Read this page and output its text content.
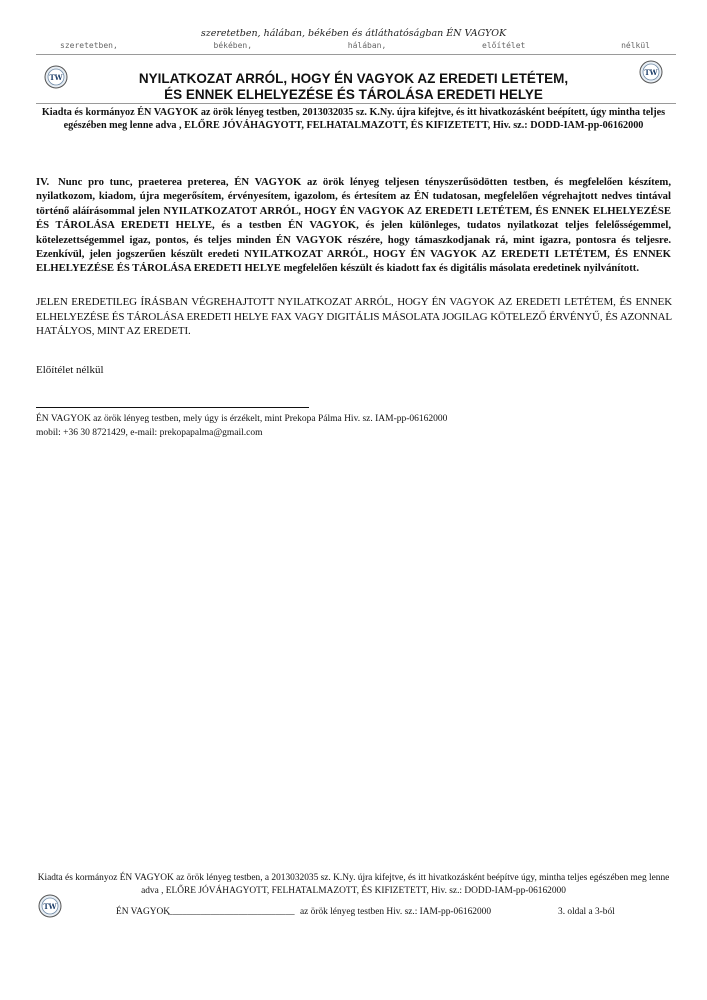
szeretetben, hálában, békében és átláthatóságban ÉN VAGYOK
szeretetben, békében, hálában, előítélet nélkül
TW
TW
NYILATKOZAT ARRÓL, HOGY ÉN VAGYOK AZ EREDETI LETÉTEM,
ÉS ENNEK ELHELYEZÉSE ÉS TÁROLÁSA EREDETI HELYE
Kiadta és kormányoz ÉN VAGYOK az örök lényeg testben, 2013032035 sz. K.Ny. újra kifejtve, és itt hivatkozásként beépített, úgy mintha teljes egészében meg lenne adva , ELŐRE JÓVÁHAGYOTT, FELHATALMAZOTT, ÉS KIFIZETETT, Hiv. sz.: DODD-IAM-pp-06162000
IV. Nunc pro tunc, praeterea preterea, ÉN VAGYOK az örök lényeg teljesen tényszerűsödötten testben, és megfelelően készítem, nyilatkozom, kiadom, újra megerősítem, érvényesítem, igazolom, és értesítem az ÉN tudatosan, megfelelően végrehajtott nedves tintával történő aláírásommal jelen NYILATKOZATOT ARRÓL, HOGY ÉN VAGYOK AZ EREDETI LETÉTEM, ÉS ENNEK ELHELYEZÉSE ÉS TÁROLÁSA EREDETI HELYE, és a testben ÉN VAGYOK, és jelen különleges, tudatos nyilatkozat teljes felelősségemmel, kötelezettségemmel igaz, pontos, és teljes minden ÉN VAGYOK részére, hogy támaszkodjanak rá, mint igazra, pontosra és teljesre. Ezenkívül, jelen jogszerűen készült eredeti NYILATKOZAT ARRÓL, HOGY ÉN VAGYOK AZ EREDETI LETÉTEM, ÉS ENNEK ELHELYEZÉSE ÉS TÁROLÁSA EREDETI HELYE megfelelően készült és kiadott fax és digitális másolata eredetinek nyilvánított.
JELEN EREDETILEG ÍRÁSBAN VÉGREHAJTOTT NYILATKOZAT ARRÓL, HOGY ÉN VAGYOK AZ EREDETI LETÉTEM, ÉS ENNEK ELHELYEZÉSE ÉS TÁROLÁSA EREDETI HELYE FAX VAGY DIGITÁLIS MÁSOLATA JOGILAG KÖTELEZŐ ÉRVÉNYŰ, ÉS AZONNAL HATÁLYOS, MINT AZ EREDETI.
Előítélet nélkül
ÉN VAGYOK az örök lényeg testben, mely úgy is érzékelt, mint Prekopa Pálma Hiv. sz. IAM-pp-06162000
mobil: +36 30 8721429, e-mail: prekopapalma@gmail.com
Kiadta és kormányoz ÉN VAGYOK az örök lényeg testben, a 2013032035 sz. K.Ny. újra kifejtve, és itt hivatkozásként beépítve úgy, mintha teljes egészében meg lenne adva , ELŐRE JÓVÁHAGYOTT, FELHATALMAZOTT, ÉS KIFIZETETT, Hiv. sz.: DODD-IAM-pp-06162000
TW
ÉN VAGYOK
___________________________ az örök lényeg testben Hiv. sz.: IAM-pp-06162000	3. oldal a 3-ból
